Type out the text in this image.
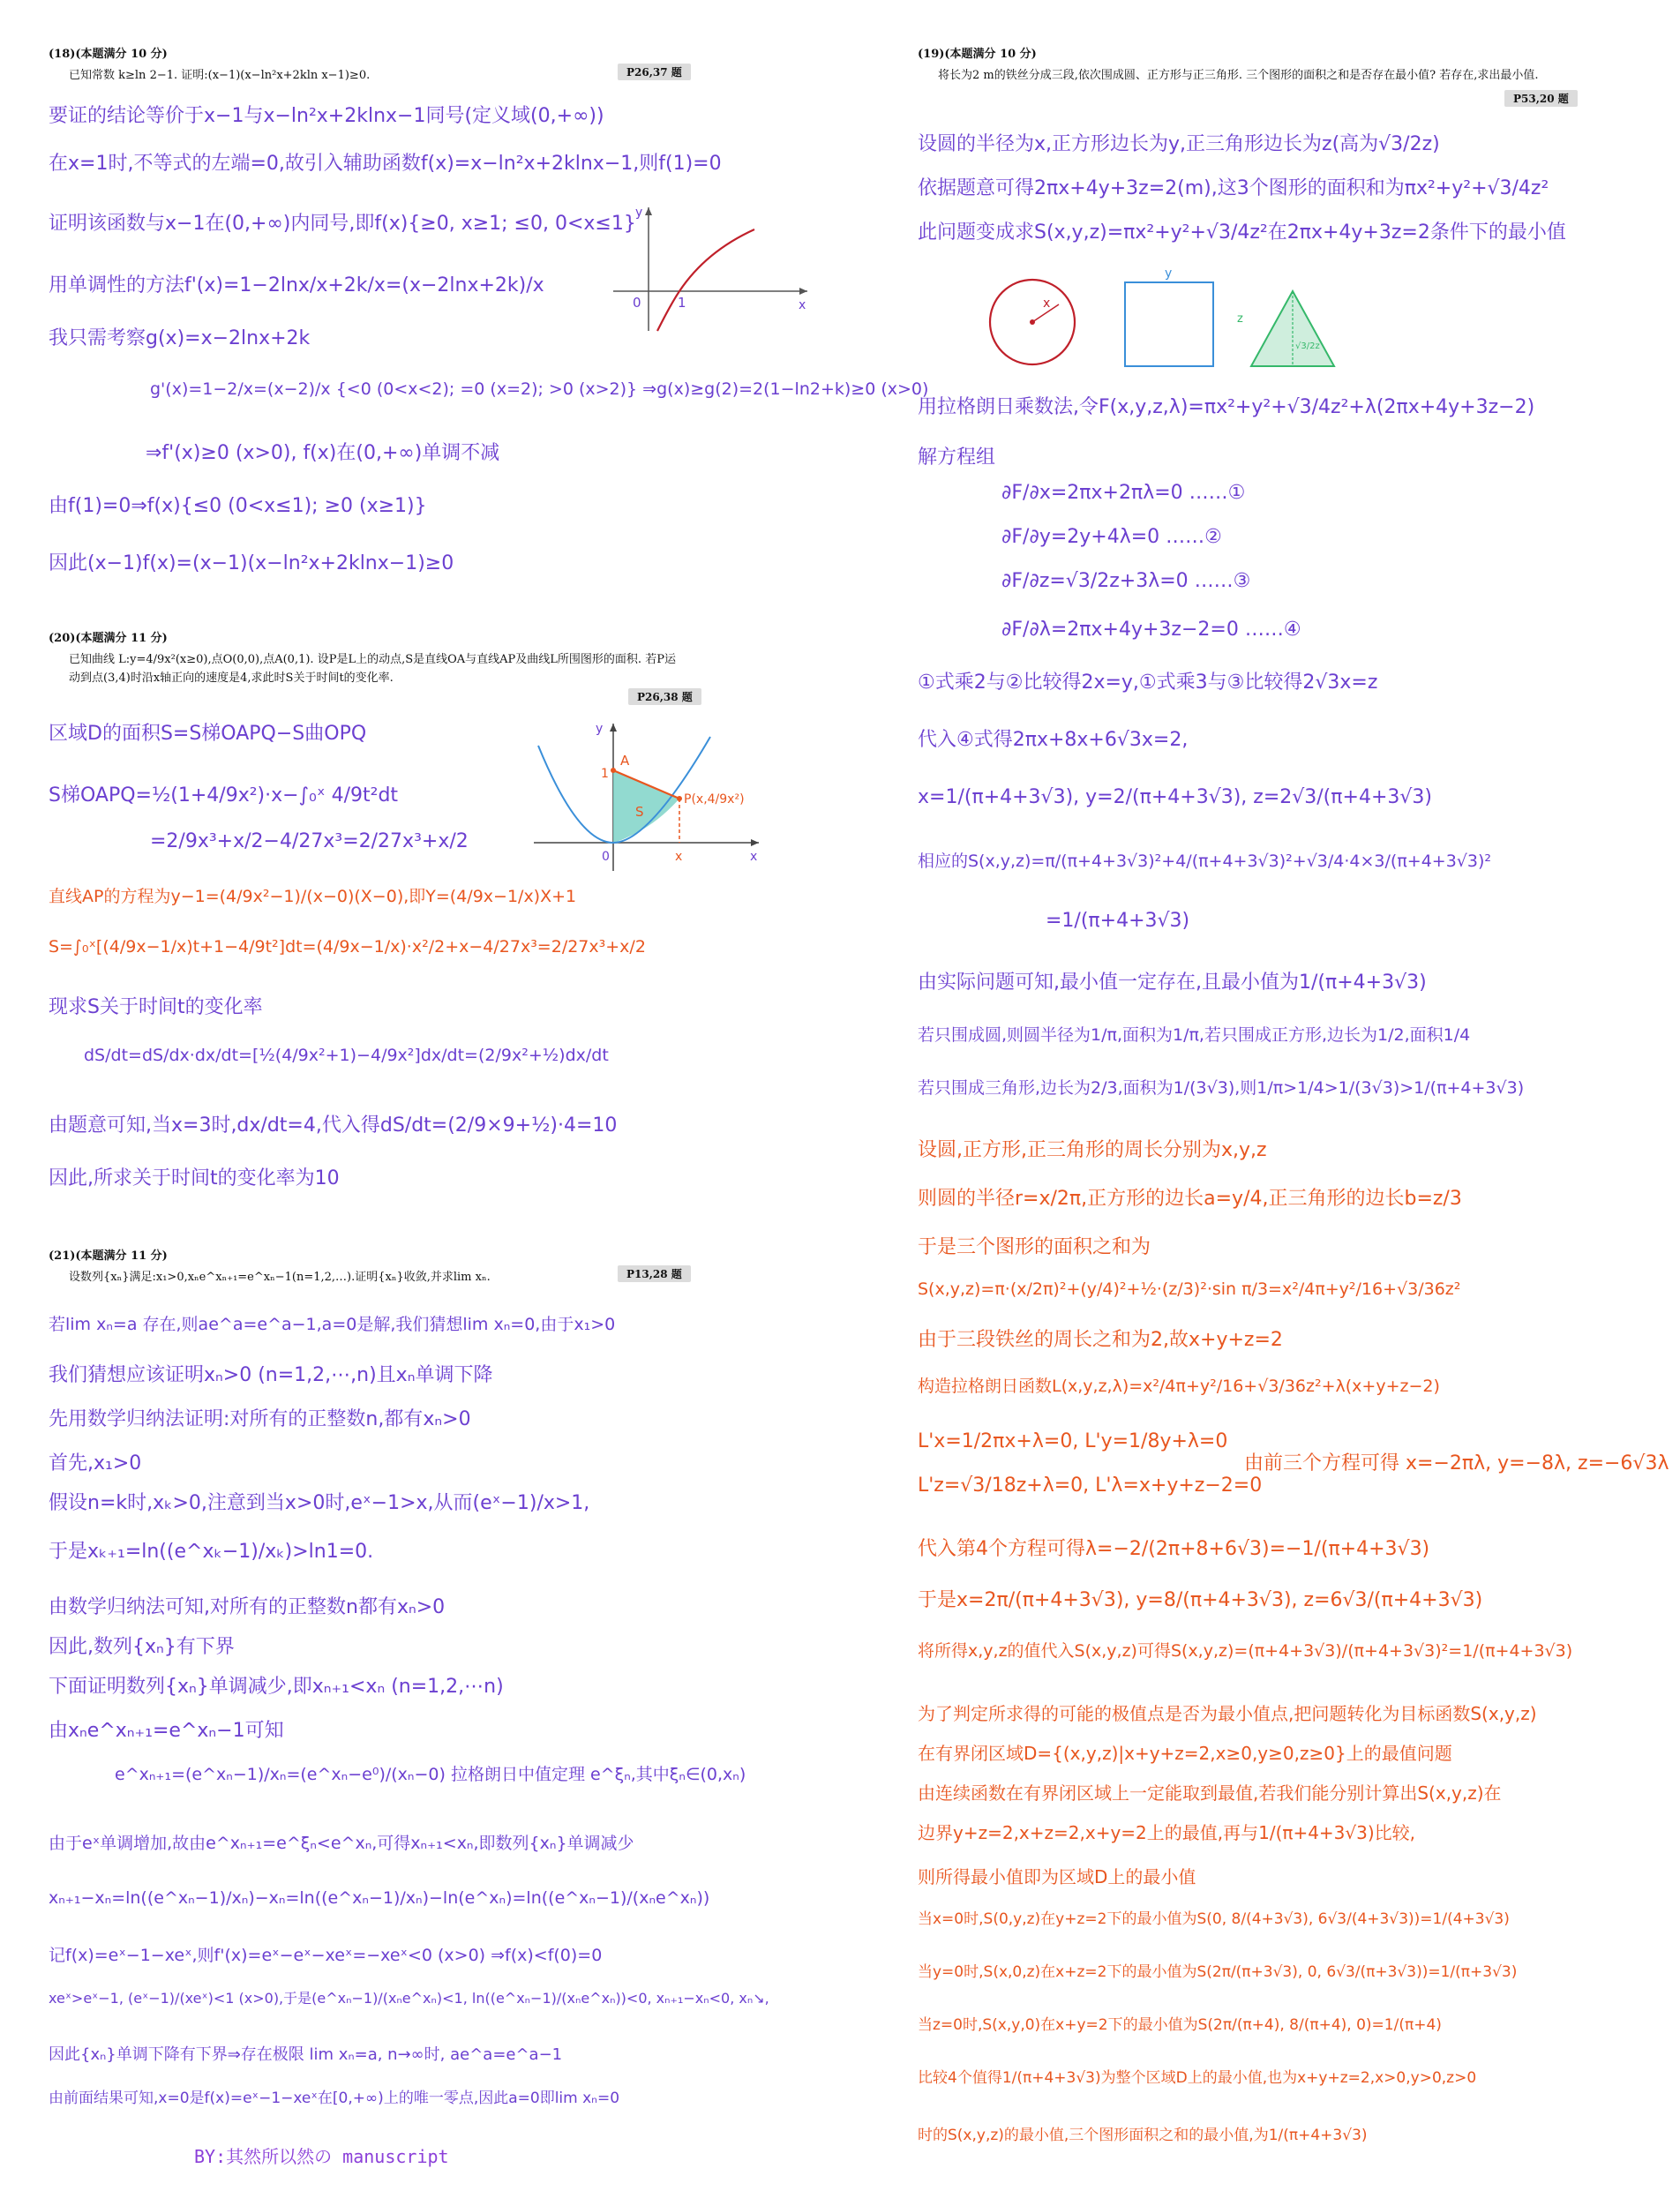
(18)(本题满分 10 分)
已知常数 k≥ln 2−1. 证明:(x−1)(x−ln²x+2kln x−1)≥0.	P26,37 题
要证的结论等价于x−1与x−ln²x+2klnx−1同号(定义域(0,+∞))
在x=1时,不等式的左端=0,故引入辅助函数f(x)=x−ln²x+2klnx−1,则f(1)=0
证明该函数与x−1在(0,+∞)内同号,即f(x){≥0, x≥1; ≤0, 0<x≤1}
用单调性的方法f'(x)=1−2lnx/x+2k/x=(x−2lnx+2k)/x
我只需考察g(x)=x−2lnx+2k
g'(x)=1−2/x=(x−2)/x {<0 (0<x<2); =0 (x=2); >0 (x>2)} ⇒g(x)≥g(2)=2(1−ln2+k)≥0 (x>0)
⇒f'(x)≥0 (x>0), f(x)在(0,+∞)单调不减
由f(1)=0⇒f(x){≤0 (0<x≤1); ≥0 (x≥1)}
因此(x−1)f(x)=(x−1)(x−ln²x+2klnx−1)≥0
y
x
0	1
(20)(本题满分 11 分)
已知曲线 L:y=4/9x²(x≥0),点O(0,0),点A(0,1). 设P是L上的动点,S是直线OA与直线AP及曲线L所围图形的面积. 若P运动到点(3,4)时沿x轴正向的速度是4,求此时S关于时间t的变化率.
P26,38 题
区域D的面积S=S梯OAPQ−S曲OPQ
S梯OAPQ=½(1+4/9x²)·x−∫₀ˣ 4/9t²dt
=2/9x³+x/2−4/27x³=2/27x³+x/2
直线AP的方程为y−1=(4/9x²−1)/(x−0)(X−0),即Y=(4/9x−1/x)X+1
S=∫₀ˣ[(4/9x−1/x)t+1−4/9t²]dt=(4/9x−1/x)·x²/2+x−4/27x³=2/27x³+x/2
现求S关于时间t的变化率
dS/dt=dS/dx·dx/dt=[½(4/9x²+1)−4/9x²]dx/dt=(2/9x²+½)dx/dt
由题意可知,当x=3时,dx/dt=4,代入得dS/dt=(2/9×9+½)·4=10
因此,所求关于时间t的变化率为10
y
x
0
A
1
S
P(x,4/9x²)
x
(21)(本题满分 11 分)
设数列{xₙ}满足:x₁>0,xₙe^xₙ₊₁=e^xₙ−1(n=1,2,…).证明{xₙ}收敛,并求lim xₙ.	P13,28 题
若lim xₙ=a 存在,则ae^a=e^a−1,a=0是解,我们猜想lim xₙ=0,由于x₁>0
我们猜想应该证明xₙ>0 (n=1,2,⋯,n)且xₙ单调下降
先用数学归纳法证明:对所有的正整数n,都有xₙ>0
首先,x₁>0
假设n=k时,xₖ>0,注意到当x>0时,eˣ−1>x,从而(eˣ−1)/x>1,
于是xₖ₊₁=ln((e^xₖ−1)/xₖ)>ln1=0.
由数学归纳法可知,对所有的正整数n都有xₙ>0
因此,数列{xₙ}有下界
下面证明数列{xₙ}单调减少,即xₙ₊₁<xₙ (n=1,2,⋯n)
由xₙe^xₙ₊₁=e^xₙ−1可知
e^xₙ₊₁=(e^xₙ−1)/xₙ=(e^xₙ−e⁰)/(xₙ−0) 拉格朗日中值定理 e^ξₙ,其中ξₙ∈(0,xₙ)
由于eˣ单调增加,故由e^xₙ₊₁=e^ξₙ<e^xₙ,可得xₙ₊₁<xₙ,即数列{xₙ}单调减少
xₙ₊₁−xₙ=ln((e^xₙ−1)/xₙ)−xₙ=ln((e^xₙ−1)/xₙ)−ln(e^xₙ)=ln((e^xₙ−1)/(xₙe^xₙ))
记f(x)=eˣ−1−xeˣ,则f'(x)=eˣ−eˣ−xeˣ=−xeˣ<0 (x>0) ⇒f(x)<f(0)=0
xeˣ>eˣ−1, (eˣ−1)/(xeˣ)<1 (x>0),于是(e^xₙ−1)/(xₙe^xₙ)<1, ln((e^xₙ−1)/(xₙe^xₙ))<0, xₙ₊₁−xₙ<0, xₙ↘,
因此{xₙ}单调下降有下界⇒存在极限 lim xₙ=a, n→∞时, ae^a=e^a−1
由前面结果可知,x=0是f(x)=eˣ−1−xeˣ在[0,+∞)上的唯一零点,因此a=0即lim xₙ=0
BY:其然所以然の manuscript
(19)(本题满分 10 分)
将长为2 m的铁丝分成三段,依次围成圆、正方形与正三角形. 三个图形的面积之和是否存在最小值? 若存在,求出最小值.
P53,20 题
设圆的半径为x,正方形边长为y,正三角形边长为z(高为√3/2z)
依据题意可得2πx+4y+3z=2(m),这3个图形的面积和为πx²+y²+√3/4z²
此问题变成求S(x,y,z)=πx²+y²+√3/4z²在2πx+4y+3z=2条件下的最小值
x
y
z
√3/2z
用拉格朗日乘数法,令F(x,y,z,λ)=πx²+y²+√3/4z²+λ(2πx+4y+3z−2)
解方程组
∂F/∂x=2πx+2πλ=0 ……①
∂F/∂y=2y+4λ=0 ……②
∂F/∂z=√3/2z+3λ=0 ……③
∂F/∂λ=2πx+4y+3z−2=0 ……④
①式乘2与②比较得2x=y,①式乘3与③比较得2√3x=z
代入④式得2πx+8x+6√3x=2,
x=1/(π+4+3√3), y=2/(π+4+3√3), z=2√3/(π+4+3√3)
相应的S(x,y,z)=π/(π+4+3√3)²+4/(π+4+3√3)²+√3/4·4×3/(π+4+3√3)²
=1/(π+4+3√3)
由实际问题可知,最小值一定存在,且最小值为1/(π+4+3√3)
若只围成圆,则圆半径为1/π,面积为1/π,若只围成正方形,边长为1/2,面积1/4
若只围成三角形,边长为2/3,面积为1/(3√3),则1/π>1/4>1/(3√3)>1/(π+4+3√3)
设圆,正方形,正三角形的周长分别为x,y,z
则圆的半径r=x/2π,正方形的边长a=y/4,正三角形的边长b=z/3
于是三个图形的面积之和为
S(x,y,z)=π·(x/2π)²+(y/4)²+½·(z/3)²·sin π/3=x²/4π+y²/16+√3/36z²
由于三段铁丝的周长之和为2,故x+y+z=2
构造拉格朗日函数L(x,y,z,λ)=x²/4π+y²/16+√3/36z²+λ(x+y+z−2)
L'x=1/2πx+λ=0, L'y=1/8y+λ=0
L'z=√3/18z+λ=0, L'λ=x+y+z−2=0
由前三个方程可得 x=−2πλ, y=−8λ, z=−6√3λ
代入第4个方程可得λ=−2/(2π+8+6√3)=−1/(π+4+3√3)
于是x=2π/(π+4+3√3), y=8/(π+4+3√3), z=6√3/(π+4+3√3)
将所得x,y,z的值代入S(x,y,z)可得S(x,y,z)=(π+4+3√3)/(π+4+3√3)²=1/(π+4+3√3)
为了判定所求得的可能的极值点是否为最小值点,把问题转化为目标函数S(x,y,z)
在有界闭区域D={(x,y,z)|x+y+z=2,x≥0,y≥0,z≥0}上的最值问题
由连续函数在有界闭区域上一定能取到最值,若我们能分别计算出S(x,y,z)在
边界y+z=2,x+z=2,x+y=2上的最值,再与1/(π+4+3√3)比较,
则所得最小值即为区域D上的最小值
当x=0时,S(0,y,z)在y+z=2下的最小值为S(0, 8/(4+3√3), 6√3/(4+3√3))=1/(4+3√3)
当y=0时,S(x,0,z)在x+z=2下的最小值为S(2π/(π+3√3), 0, 6√3/(π+3√3))=1/(π+3√3)
当z=0时,S(x,y,0)在x+y=2下的最小值为S(2π/(π+4), 8/(π+4), 0)=1/(π+4)
比较4个值得1/(π+4+3√3)为整个区域D上的最小值,也为x+y+z=2,x>0,y>0,z>0
时的S(x,y,z)的最小值,三个图形面积之和的最小值,为1/(π+4+3√3)
